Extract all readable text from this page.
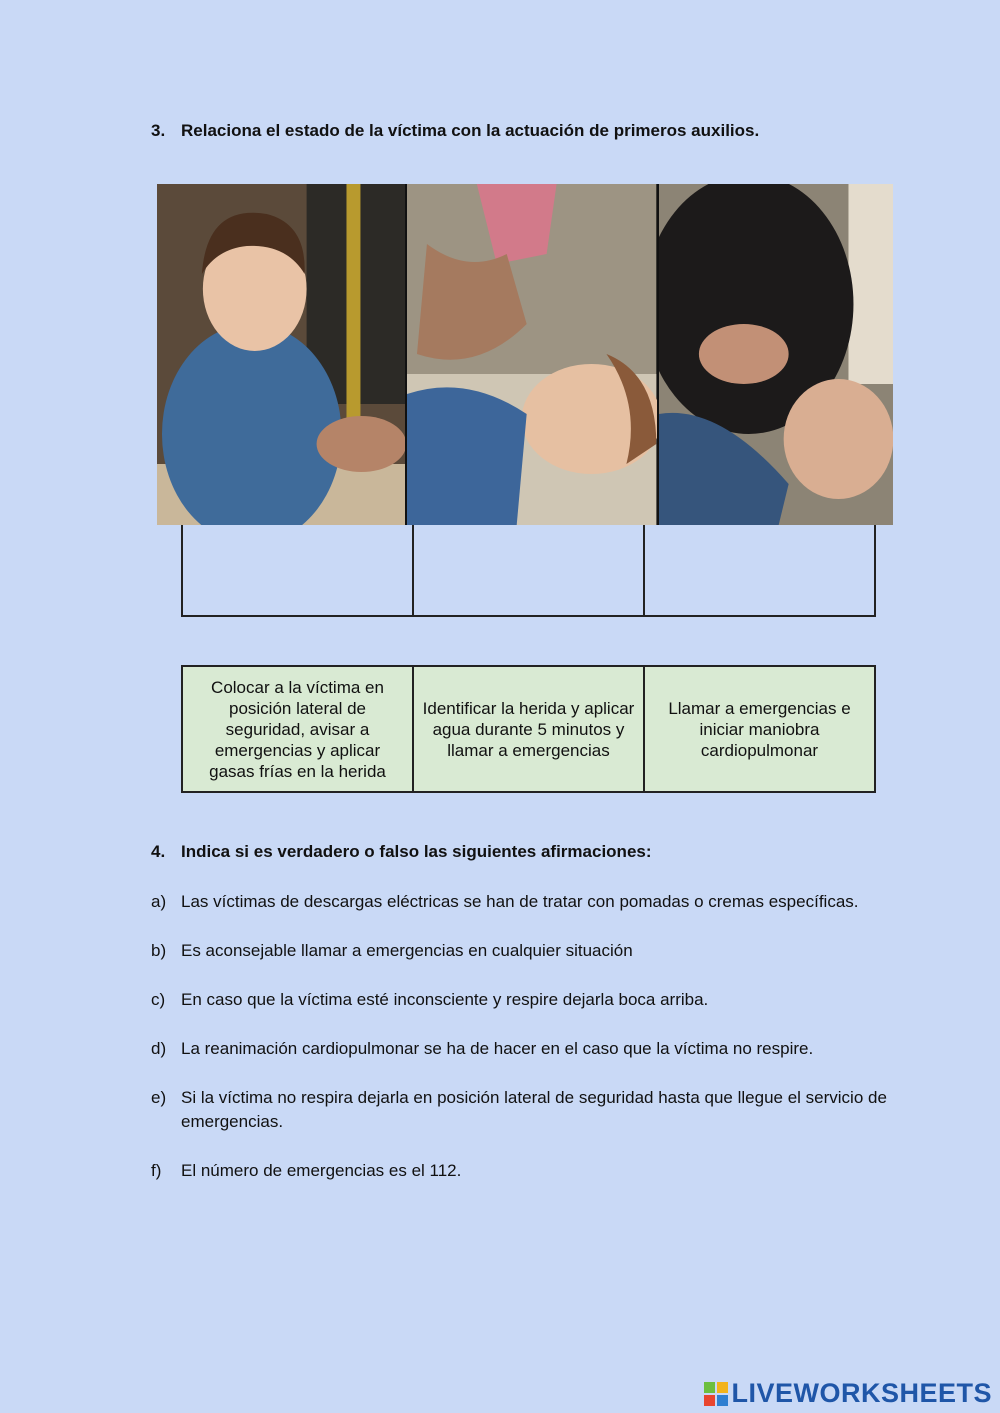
3. Relaciona el estado de la víctima con la actuación de primeros auxilios.

Colocar a la víctima en posición lateral de seguridad, avisar a emergencias y aplicar gasas frías en la herida	Identificar la herida y aplicar agua durante 5 minutos y llamar a emergencias	Llamar a emergencias e iniciar maniobra cardiopulmonar
4. Indica si es verdadero o falso las siguientes afirmaciones:
a) Las víctimas de descargas eléctricas se han de tratar con pomadas o cremas específicas.
b) Es aconsejable llamar a emergencias en cualquier situación
c) En caso que la víctima esté inconsciente y respire dejarla boca arriba.
d) La reanimación cardiopulmonar se ha de hacer en el caso que la víctima no respire.
e) Si la víctima no respira dejarla en posición lateral de seguridad hasta que llegue el servicio de emergencias.
f)	El número de emergencias es el 112.
LIVEWORKSHEETS
